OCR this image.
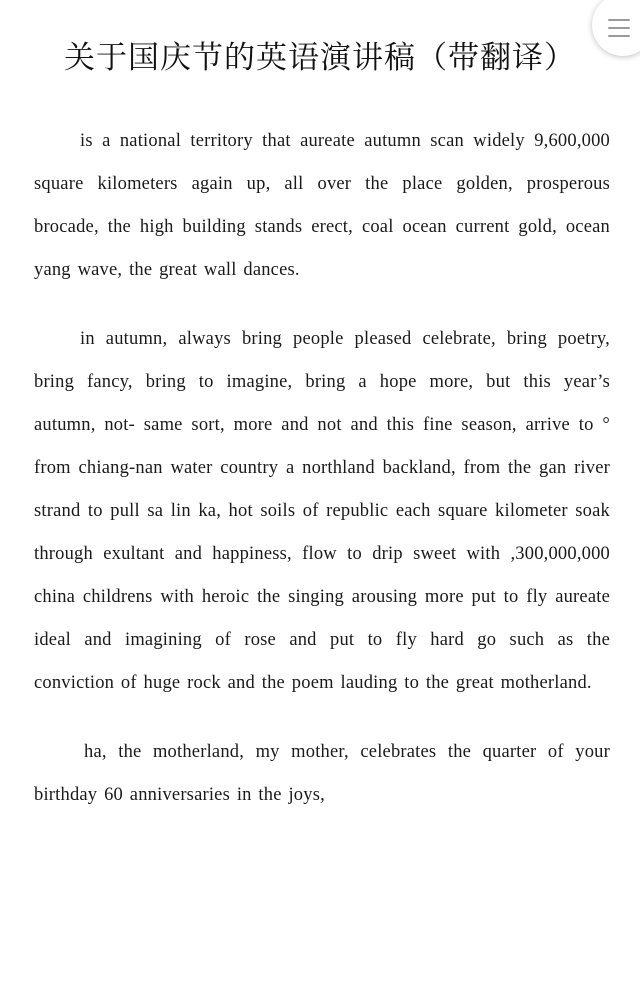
关于国庆节的英语演讲稿（带翻译）

is a national territory that aureate autumn scan widely 9,600,000 square kilometers again up, all over the place golden, prosperous brocade, the high building stands erect, coal ocean current gold, ocean yang wave, the great wall dances.

in autumn, always bring people pleased celebrate, bring poetry, bring fancy, bring to imagine, bring a hope more, but this year’s autumn, not- same sort, more and not and this fine season, arrive to ° from chiang-nan water country a northland backland, from the gan river strand to pull sa lin ka, hot soils of republic each square kilometer soak through exultant and happiness, flow to drip sweet with ,300,000,000 china childrens with heroic the singing arousing more put to fly aureate ideal and imagining of rose and put to fly hard go such as the conviction of huge rock and the poem lauding to the great motherland.

ha, the motherland, my mother, celebrates the quarter of your birthday 60 anniversaries in the joys,
